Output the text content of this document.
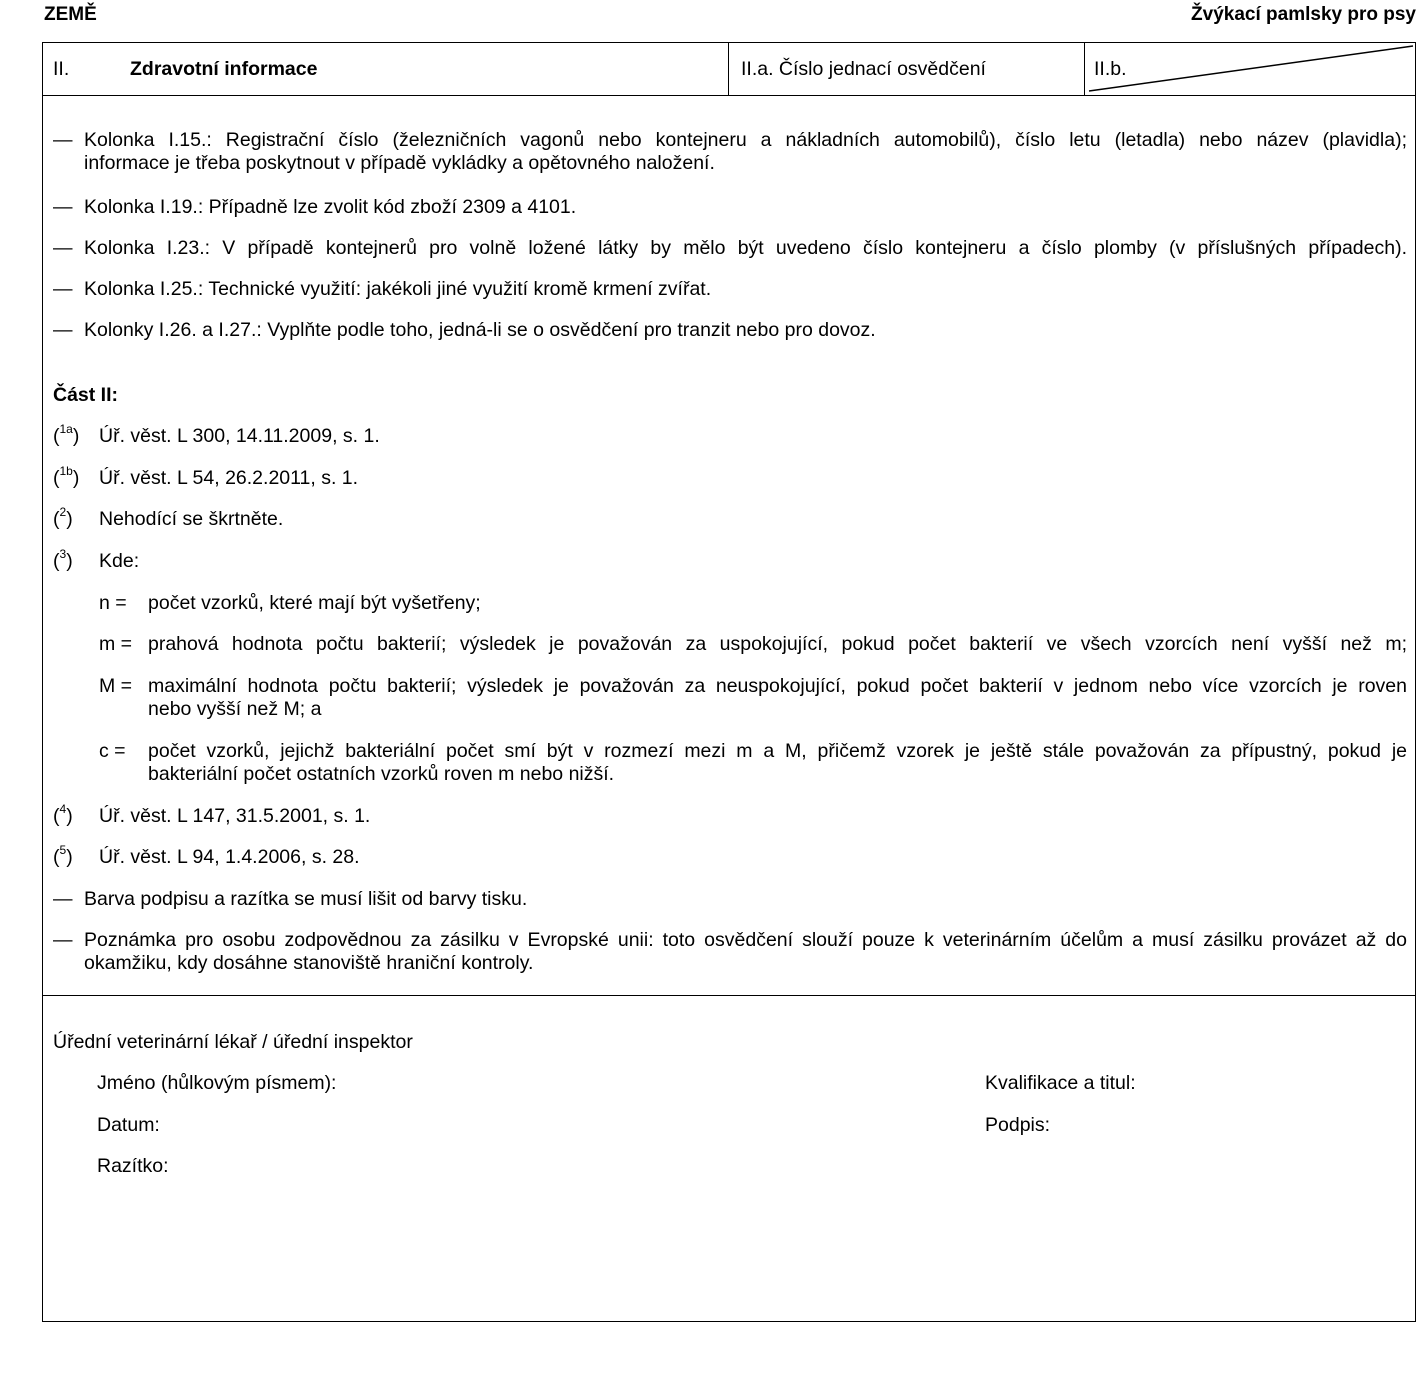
ZEMĚ	Žvýkací pamlsky pro psy
II.	Zdravotní informace	II.a. Číslo jednací osvědčení	II.b.
— Kolonka I.15.: Registrační číslo (železničních vagonů nebo kontejneru a nákladních automobilů), číslo letu (letadla) nebo název (plavidla);
informace je třeba poskytnout v případě vykládky a opětovného naložení.
— Kolonka I.19.: Případně lze zvolit kód zboží 2309 a 4101.
— Kolonka I.23.: V případě kontejnerů pro volně ložené látky by mělo být uvedeno číslo kontejneru a číslo plomby (v příslušných případech).
— Kolonka I.25.: Technické využití: jakékoli jiné využití kromě krmení zvířat.
— Kolonky I.26. a I.27.: Vyplňte podle toho, jedná-li se o osvědčení pro tranzit nebo pro dovoz.
Část II:
($^{1a}$) Úř. věst. L 300, 14.11.2009, s. 1.
($^{1b}$) Úř. věst. L 54, 26.2.2011, s. 1.
($^2$) Nehodící se škrtněte.
($^3$) Kde:
n =	počet vzorků, které mají být vyšetřeny;
m = prahová hodnota počtu bakterií; výsledek je považován za uspokojující, pokud počet bakterií ve všech vzorcích není vyšší než m;
M = maximální hodnota počtu bakterií; výsledek je považován za neuspokojující, pokud počet bakterií v jednom nebo více vzorcích je roven
nebo vyšší než M; a
c =	počet vzorků, jejichž bakteriální počet smí být v rozmezí mezi m a M, přičemž vzorek je ještě stále považován za přípustný, pokud je
bakteriální počet ostatních vzorků roven m nebo nižší.
($^4$) Úř. věst. L 147, 31.5.2001, s. 1.
($^5$) Úř. věst. L 94, 1.4.2006, s. 28.
— Barva podpisu a razítka se musí lišit od barvy tisku.
— Poznámka pro osobu zodpovědnou za zásilku v Evropské unii: toto osvědčení slouží pouze k veterinárním účelům a musí zásilku provázet až do
okamžiku, kdy dosáhne stanoviště hraniční kontroly.
Úřední veterinární lékař / úřední inspektor
Jméno (hůlkovým písmem):	Kvalifikace a titul:
Datum:	Podpis:
Razítko:
